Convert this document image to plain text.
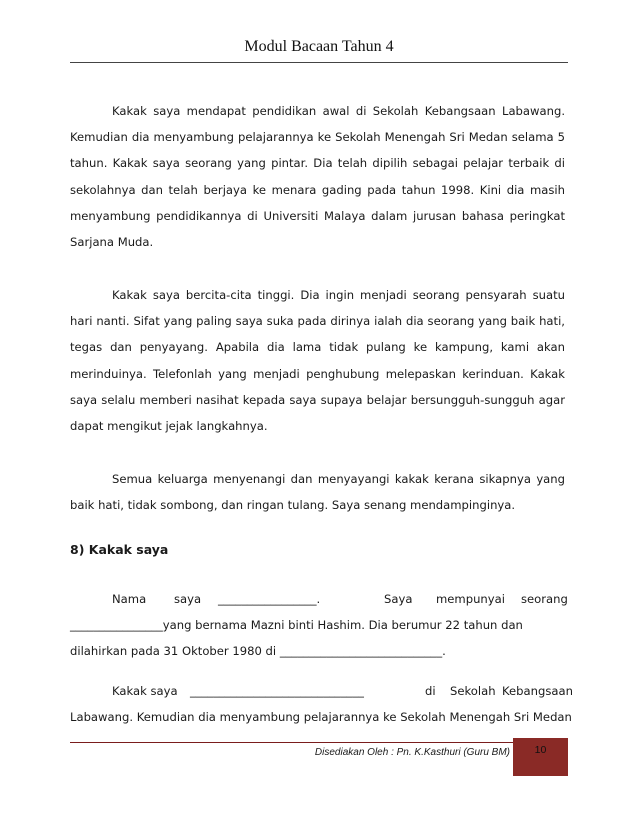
Modul Bacaan Tahun 4

Kakak saya mendapat pendidikan awal di Sekolah Kebangsaan Labawang. Kemudian dia menyambung pelajarannya ke Sekolah Menengah Sri Medan selama 5 tahun. Kakak saya seorang yang pintar. Dia telah dipilih sebagai pelajar terbaik di sekolahnya dan telah berjaya ke menara gading pada tahun 1998. Kini dia masih menyambung pendidikannya di Universiti Malaya dalam jurusan bahasa peringkat Sarjana Muda.

Kakak saya bercita-cita tinggi. Dia ingin menjadi seorang pensyarah suatu hari nanti. Sifat yang paling saya suka pada dirinya ialah dia seorang yang baik hati, tegas dan penyayang. Apabila dia lama tidak pulang ke kampung, kami akan merinduinya. Telefonlah yang menjadi penghubung melepaskan kerinduan. Kakak saya selalu memberi nasihat kepada saya supaya belajar bersungguh-sungguh agar dapat mengikut jejak langkahnya.

Semua keluarga menyenangi dan menyayangi kakak kerana sikapnya yang baik hati, tidak sombong, dan ringan tulang. Saya senang mendampinginya.

8) Kakak saya
Nama saya _________________.	Saya mempunyai seorang
________________yang bernama Mazni binti Hashim. Dia berumur 22 tahun dan
dilahirkan pada 31 Oktober 1980 di ____________________________.
Kakak saya ______________________________	di Sekolah Kebangsaan
Labawang. Kemudian dia menyambung pelajarannya ke Sekolah Menengah Sri Medan
Disediakan Oleh : Pn. K.Kasthuri (Guru BM)	10
